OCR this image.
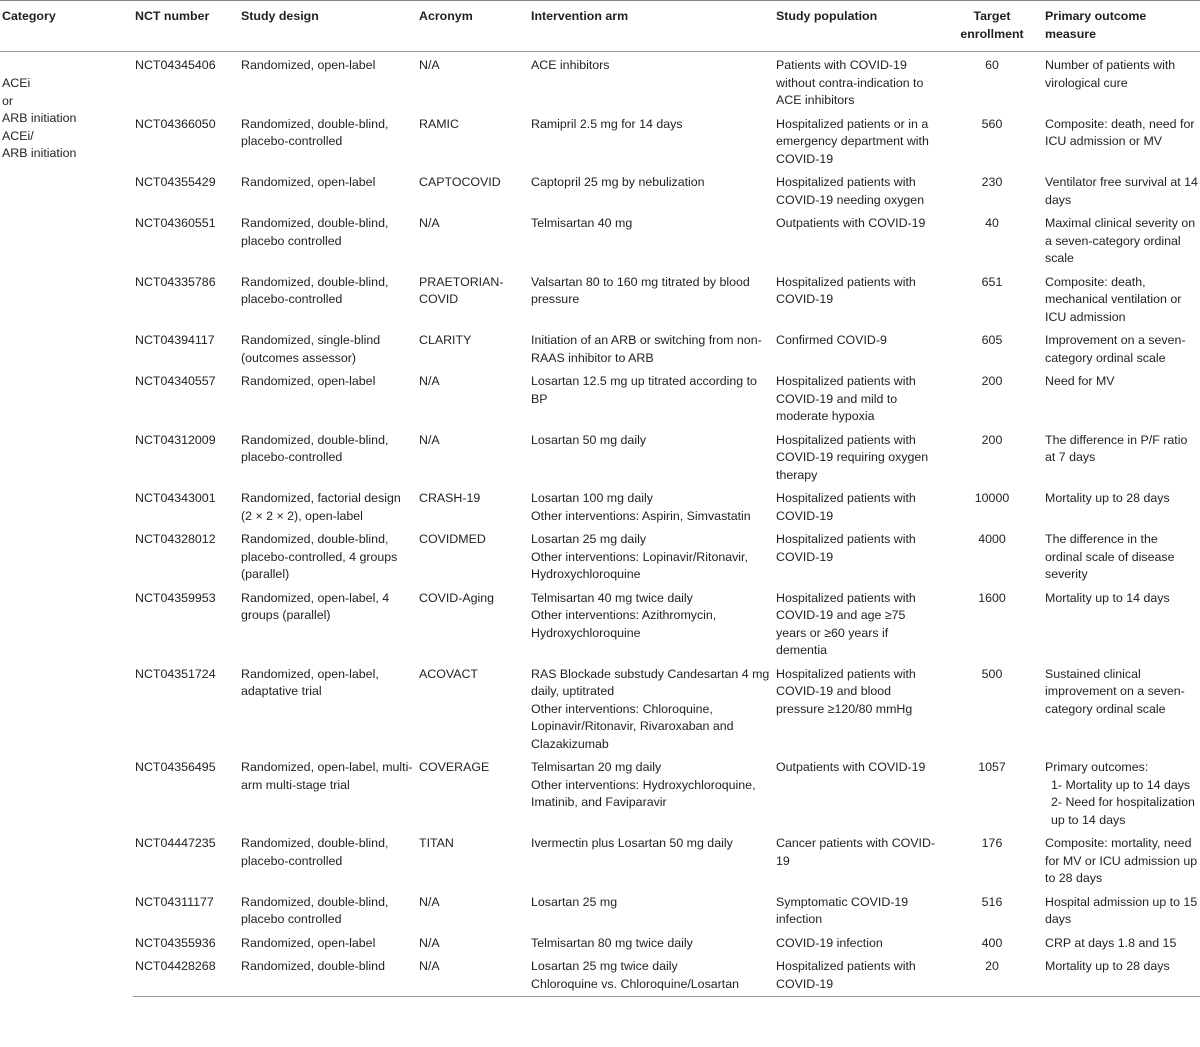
Category	NCT number	Study design	Acronym	Intervention arm	Study population	Target enrollment	Primary outcome measure

ACEi
or
ARB initiation
ACEi/
ARB initiation	NCT04345406	Randomized, open-label	N/A	ACE inhibitors	Patients with COVID-19 without contra-indication to ACE inhibitors	60	Number of patients with virological cure

	NCT04366050	Randomized, double-blind, placebo-controlled	RAMIC	Ramipril 2.5 mg for 14 days	Hospitalized patients or in a emergency department with COVID-19	560	Composite: death, need for ICU admission or MV

	NCT04355429	Randomized, open-label	CAPTOCOVID	Captopril 25 mg by nebulization	Hospitalized patients with COVID-19 needing oxygen	230	Ventilator free survival at 14 days

	NCT04360551	Randomized, double-blind, placebo controlled	N/A	Telmisartan 40 mg	Outpatients with COVID-19	40	Maximal clinical severity on a seven-category ordinal scale

	NCT04335786	Randomized, double-blind, placebo-controlled	PRAETORIAN-COVID	Valsartan 80 to 160 mg titrated by blood pressure	Hospitalized patients with COVID-19	651	Composite: death, mechanical ventilation or ICU admission

	NCT04394117	Randomized, single-blind (outcomes assessor)	CLARITY	Initiation of an ARB or switching from non-RAAS inhibitor to ARB	Confirmed COVID-9	605	Improvement on a seven-category ordinal scale

	NCT04340557	Randomized, open-label	N/A	Losartan 12.5 mg up titrated according to BP	Hospitalized patients with COVID-19 and mild to moderate hypoxia	200	Need for MV

	NCT04312009	Randomized, double-blind, placebo-controlled	N/A	Losartan 50 mg daily	Hospitalized patients with COVID-19 requiring oxygen therapy	200	The difference in P/F ratio at 7 days

	NCT04343001	Randomized, factorial design (2 × 2 × 2), open-label	CRASH-19	Losartan 100 mg daily
Other interventions: Aspirin, Simvastatin	Hospitalized patients with COVID-19	10000	Mortality up to 28 days

	NCT04328012	Randomized, double-blind, placebo-controlled, 4 groups (parallel)	COVIDMED	Losartan 25 mg daily
Other interventions: Lopinavir/Ritonavir, Hydroxychloroquine	Hospitalized patients with COVID-19	4000	The difference in the ordinal scale of disease severity

	NCT04359953	Randomized, open-label, 4 groups (parallel)	COVID-Aging	Telmisartan 40 mg twice daily
Other interventions: Azithromycin, Hydroxychloroquine	Hospitalized patients with COVID-19 and age ≥75 years or ≥60 years if dementia	1600	Mortality up to 14 days

	NCT04351724	Randomized, open-label, adaptative trial	ACOVACT	RAS Blockade substudy Candesartan 4 mg daily, uptitrated
Other interventions: Chloroquine, Lopinavir/Ritonavir, Rivaroxaban and Clazakizumab	Hospitalized patients with COVID-19 and blood pressure ≥120/80 mmHg	500	Sustained clinical improvement on a seven-category ordinal scale

	NCT04356495	Randomized, open-label, multi-arm multi-stage trial	COVERAGE	Telmisartan 20 mg daily
Other interventions: Hydroxychloroquine, Imatinib, and Faviparavir	Outpatients with COVID-19	1057	Primary outcomes:
1- Mortality up to 14 days
2- Need for hospitalization up to 14 days

	NCT04447235	Randomized, double-blind, placebo-controlled	TITAN	Ivermectin plus Losartan 50 mg daily	Cancer patients with COVID-19	176	Composite: mortality, need for MV or ICU admission up to 28 days

	NCT04311177	Randomized, double-blind, placebo controlled	N/A	Losartan 25 mg	Symptomatic COVID-19 infection	516	Hospital admission up to 15 days

	NCT04355936	Randomized, open-label	N/A	Telmisartan 80 mg twice daily	COVID-19 infection	400	CRP at days 1.8 and 15

	NCT04428268	Randomized, double-blind	N/A	Losartan 25 mg twice daily
Chloroquine vs. Chloroquine/Losartan	Hospitalized patients with COVID-19	20	Mortality up to 28 days
